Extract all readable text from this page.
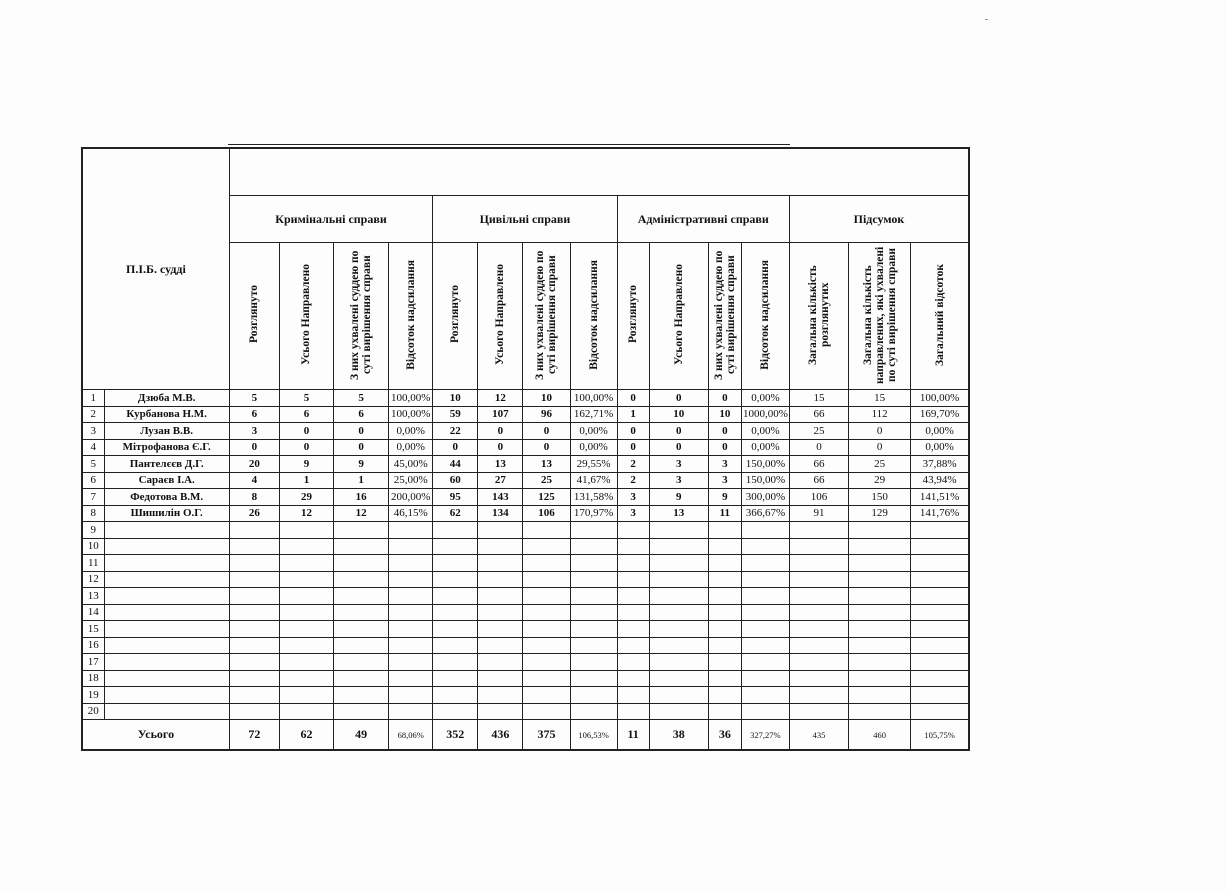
П.І.Б. судді																
		Кримінальні справи				Цивільні справи				Адміністративні справи				Підсумок		
		Розглянуто	Усього Направлено	З них ухвалені суддею по суті вирішення справи	Відсоток надсилання	Розглянуто	Усього Направлено	З них ухвалені суддею по суті вирішення справи	Відсоток надсилання	Розглянуто	Усього Направлено	З них ухвалені суддею по суті вирішення справи	Відсоток надсилання	Загальна кількість розглянутих	Загальна кількість направлених, які ухвалені по суті вирішення справи	Загальний відсоток
1	Дзюба М.В.	5	5	5	100,00%	10	12	10	100,00%	0	0	0	0,00%	15	15	100,00%
2	Курбанова Н.М.	6	6	6	100,00%	59	107	96	162,71%	1	10	10	1000,00%	66	112	169,70%
3	Лузан В.В.	3	0	0	0,00%	22	0	0	0,00%	0	0	0	0,00%	25	0	0,00%
4	Мітрофанова Є.Г.	0	0	0	0,00%	0	0	0	0,00%	0	0	0	0,00%	0	0	0,00%
5	Пантелєєв Д.Г.	20	9	9	45,00%	44	13	13	29,55%	2	3	3	150,00%	66	25	37,88%
6	Сараєв І.А.	4	1	1	25,00%	60	27	25	41,67%	2	3	3	150,00%	66	29	43,94%
7	Федотова В.М.	8	29	16	200,00%	95	143	125	131,58%	3	9	9	300,00%	106	150	141,51%
8	Шишилін О.Г.	26	12	12	46,15%	62	134	106	170,97%	3	13	11	366,67%	91	129	141,76%
9																
10																
11																
12																
13																
14																
15																
16																
17																
18																
19																
20																
Усього		72	62	49	68,06%	352	436	375	106,53%	11	38	36	327,27%	435	460	105,75%
